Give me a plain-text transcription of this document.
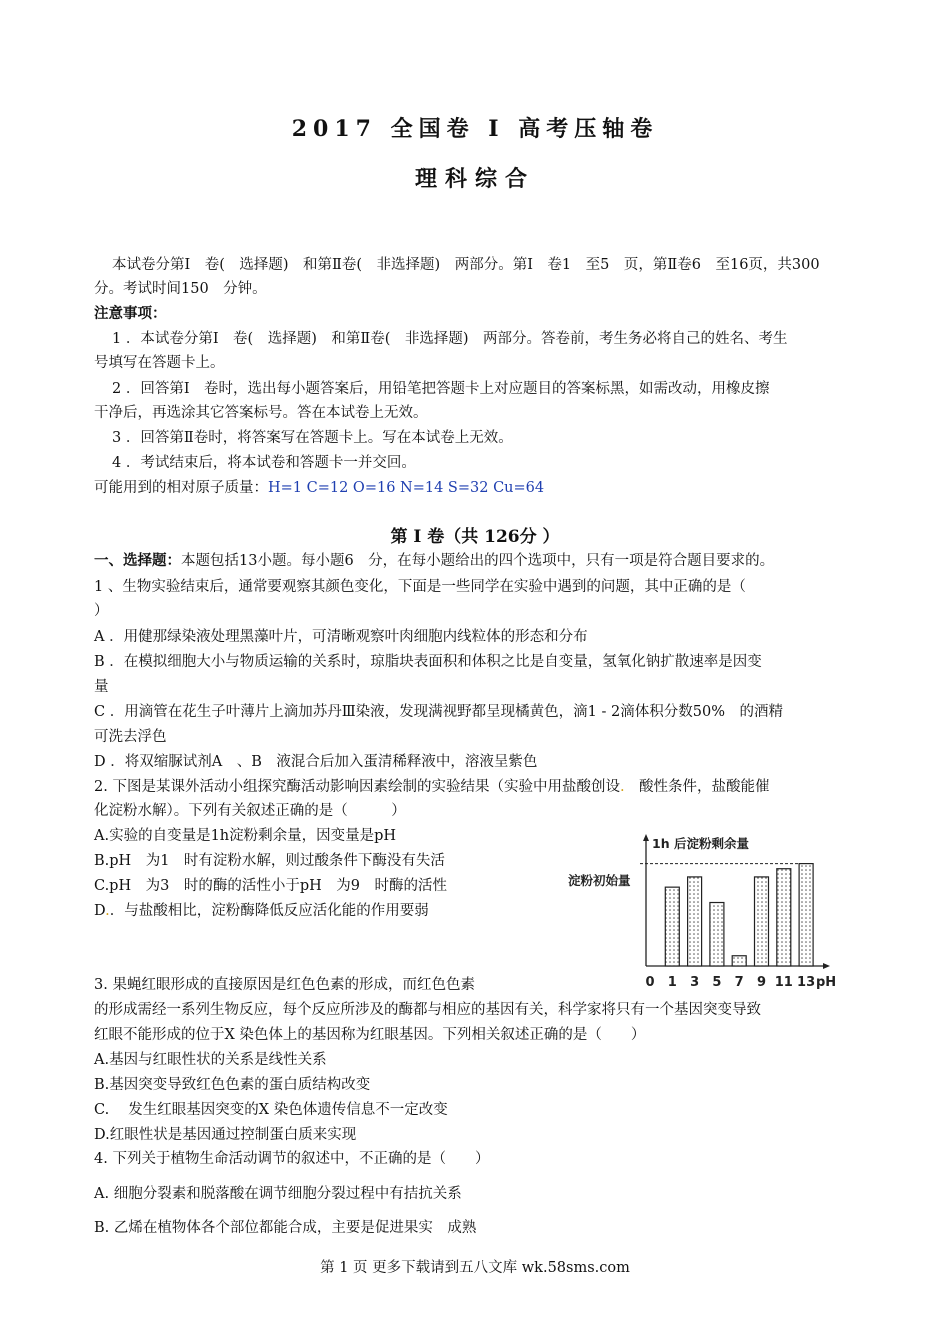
2017 全国卷 I 高考压轴卷
理科综合
本试卷分第I　卷(　选择题)　和第Ⅱ卷(　非选择题)　两部分。第I　卷1　至5　页，第Ⅱ卷6　至16页，共300
分。考试时间150　分钟。
注意事项：
1 ．本试卷分第I　卷(　选择题)　和第Ⅱ卷(　非选择题)　两部分。答卷前，考生务必将自己的姓名、考生
号填写在答题卡上。
2 ．回答第I　卷时，选出每小题答案后，用铅笔把答题卡上对应题目的答案标黑，如需改动，用橡皮擦
干净后，再选涂其它答案标号。答在本试卷上无效。
3 ．回答第Ⅱ卷时，将答案写在答题卡上。写在本试卷上无效。
4 ．考试结束后，将本试卷和答题卡一并交回。
可能用到的相对原子质量：H=1 C=12 O=16 N=14 S=32 Cu=64
第 I 卷（共 126分 ）
一、选择题：本题包括13小题。每小题6　分，在每小题给出的四个选项中，只有一项是符合题目要求的。
1 、生物实验结束后，通常要观察其颜色变化，下面是一些同学在实验中遇到的问题，其中正确的是（
）
A ．用健那绿染液处理黑藻叶片，可清晰观察叶肉细胞内线粒体的形态和分布
B ．在模拟细胞大小与物质运输的关系时，琼脂块表面积和体积之比是自变量，氢氧化钠扩散速率是因变
量
C ．用滴管在花生子叶薄片上滴加苏丹Ⅲ染液，发现满视野都呈现橘黄色，滴1 - 2滴体积分数50%　的酒精
可洗去浮色
D ．将双缩脲试剂A　、B　液混合后加入蛋清稀释液中，溶液呈紫色
2. 下图是某课外活动小组探究酶活动影响因素绘制的实验结果（实验中用盐酸创设.　酸性条件，盐酸能催
化淀粉水解）。下列有关叙述正确的是（　　　）
A.实验的自变量是1h淀粉剩余量，因变量是pH
B.pH　为1　时有淀粉水解，则过酸条件下酶没有失活
C.pH　为3　时的酶的活性小于pH　为9　时酶的活性
D.．与盐酸相比，淀粉酶降低反应活化能的作用要弱
3. 果蝇红眼形成的直接原因是红色色素的形成，而红色色素
的形成需经一系列生物反应，每个反应所涉及的酶都与相应的基因有关，科学家将只有一个基因突变导致
红眼不能形成的位于X 染色体上的基因称为红眼基因。下列相关叙述正确的是（　　）
A.基因与红眼性状的关系是线性关系
B.基因突变导致红色色素的蛋白质结构改变
C.　 发生红眼基因突变的X 染色体遗传信息不一定改变
D.红眼性状是基因通过控制蛋白质来实现
4. 下列关于植物生命活动调节的叙述中，不正确的是（　　）
A. 细胞分裂素和脱落酸在调节细胞分裂过程中有拮抗关系
B. 乙烯在植物体各个部位都能合成，主要是促进果实　成熟
第 1 页 更多下载请到五八文库 wk.58sms.com
1h 后淀粉剩余量
淀粉初始量
0 1 3 5 7 9 11 13 pH
